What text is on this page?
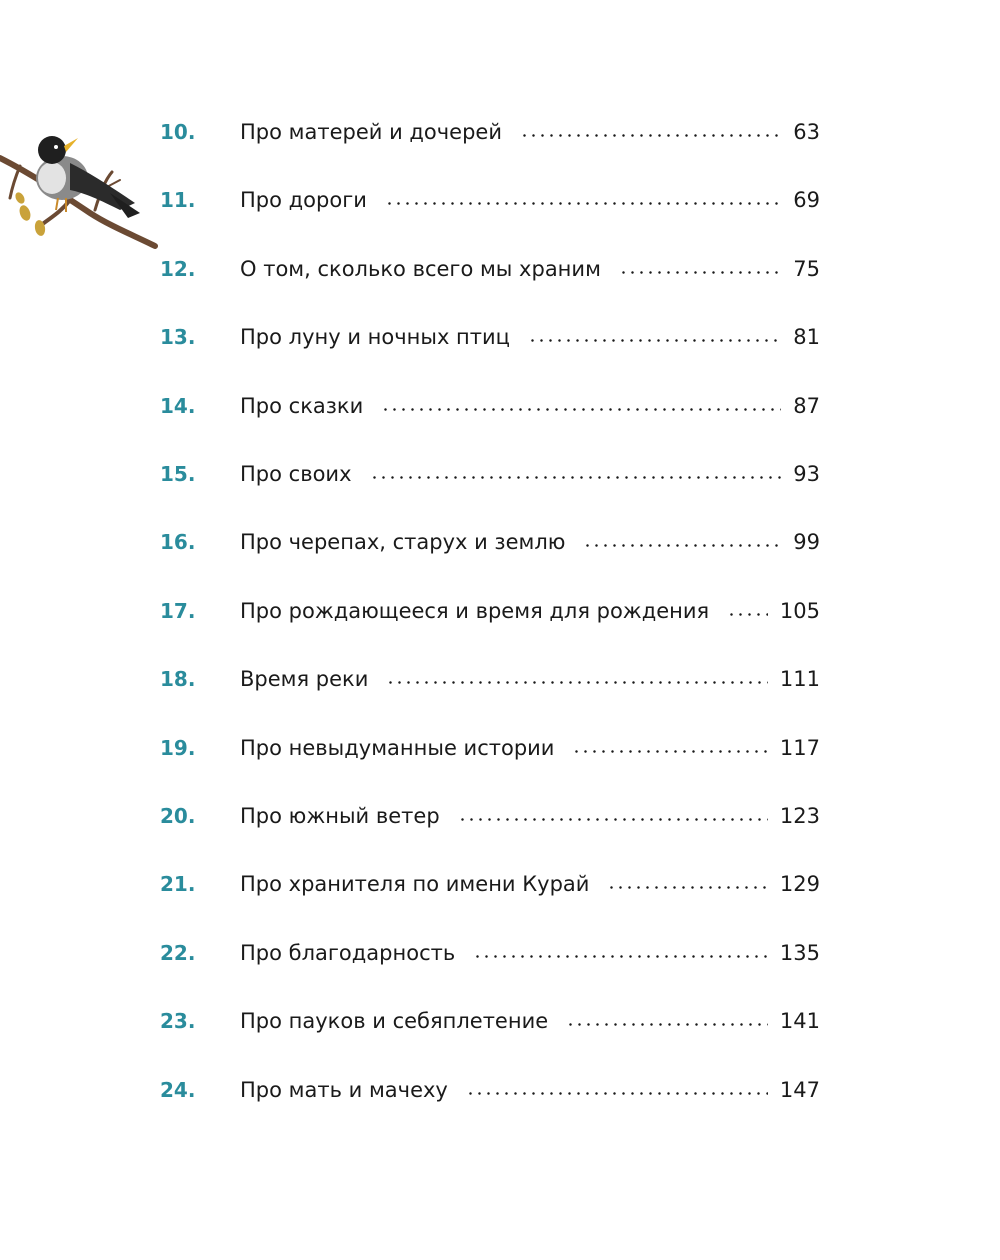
10.	Про матерей и дочерей	63
11.	Про дороги	69
12.	О том, сколько всего мы храним	75
13.	Про луну и ночных птиц	81
14.	Про сказки	87
15.	Про своих	93
16.	Про черепах, старух и землю	99
17.	Про рождающееся и время для рождения	105
18.	Время реки	111
19.	Про невыдуманные истории	117
20.	Про южный ветер	123
21.	Про хранителя по имени Курай	129
22.	Про благодарность	135
23.	Про пауков и себяплетение	141
24.	Про мать и мачеху	147
